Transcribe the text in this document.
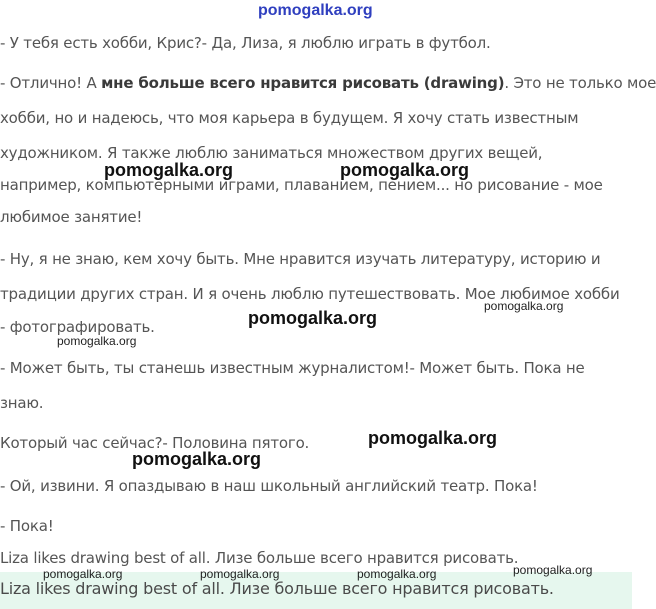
pomogalka.org

- У тебя есть хобби, Крис?- Да, Лиза, я люблю играть в футбол.

- Отлично! А мне больше всего нравится рисовать (drawing). Это не только мое

хобби, но и надеюсь, что моя карьера в будущем. Я хочу стать известным

художником. Я также люблю заниматься множеством других вещей,

например, компьютерными играми, плаванием, пением... но рисование - мое

любимое занятие!

- Ну, я не знаю, кем хочу быть. Мне нравится изучать литературу, историю и

традиции других стран. И я очень люблю путешествовать. Мое любимое хобби

- фотографировать.

- Может быть, ты станешь известным журналистом!- Может быть. Пока не

знаю.

Который час сейчас?- Половина пятого.

- Ой, извини. Я опаздываю в наш школьный английский театр. Пока!

- Пока!

Liza likes drawing best of all. Лизе больше всего нравится рисовать.

Liza likes drawing best of all. Лизе больше всего нравится рисовать.

pomogalka.org	pomogalka.org

pomogalka.org

pomogalka.org

pomogalka.org

pomogalka.org

pomogalka.org

pomogalka.org	pomogalka.org	pomogalka.org	pomogalka.org
